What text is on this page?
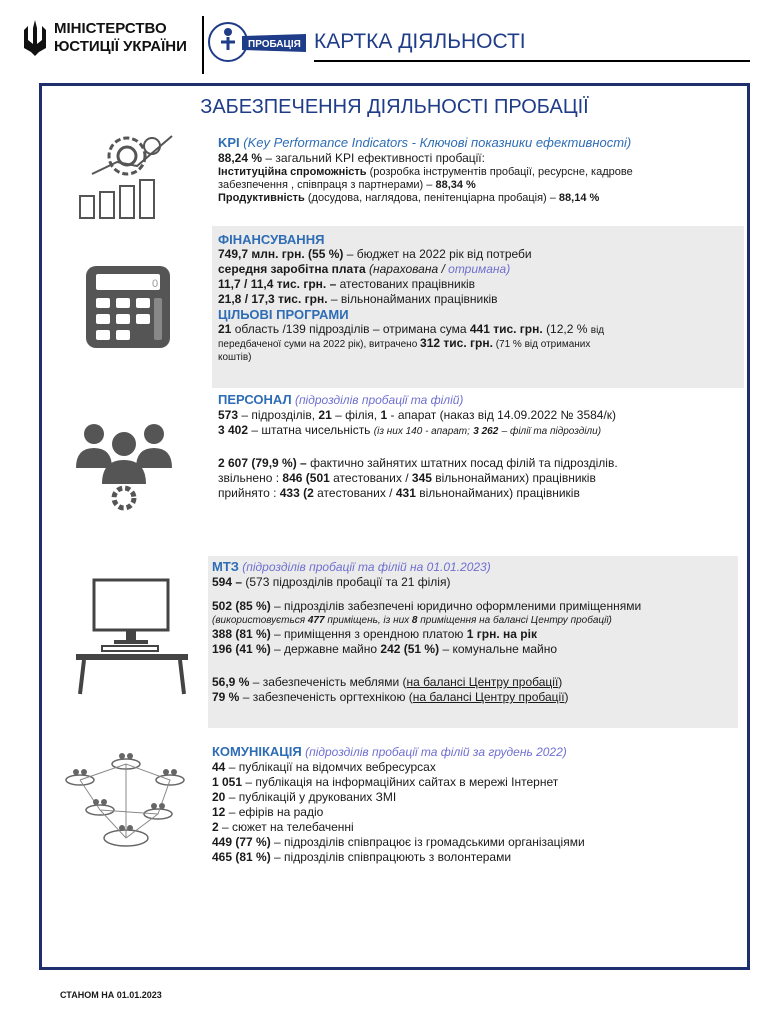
МІНІСТЕРСТВО
ЮСТИЦІЇ УКРАЇНИ	ПРОБАЦІЯ КАРТКА ДІЯЛЬНОСТІ
ЗАБЕЗПЕЧЕННЯ ДІЯЛЬНОСТІ ПРОБАЦІЇ
KPI (Key Performance Indicators - Ключові показники ефективності)
88,24 % – загальний KPI ефективності пробації:
Інституційна спроможність (розробка інструментів пробації, ресурсне, кадрове
забезпечення , співпраця з партнерами) – 88,34 %
Продуктивність (досудова, наглядова, пенітенціарна пробація) – 88,14 %
ФІНАНСУВАННЯ
749,7 млн. грн. (55 %) – бюджет на 2022 рік від потреби
середня заробітна плата (нарахована / отримана)
11,7 / 11,4 тис. грн. – атестованих працівників
21,8 / 17,3 тис. грн. – вільнонайманих працівників
ЦІЛЬОВІ ПРОГРАМИ
21 область /139 підрозділів – отримана сума 441 тис. грн. (12,2 % від
передбаченої суми на 2022 рік), витрачено 312 тис. грн. (71 % від отриманих
коштів)
0
ПЕРСОНАЛ (підрозділів пробації та філій)
573 – підрозділів, 21 – філія, 1 - апарат (наказ від 14.09.2022 № 3584/к)
3 402 – штатна чисельність (із них 140 - апарат; 3 262 – філії та підрозділи)
2 607 (79,9 %) – фактично зайнятих штатних посад філій та підрозділів.
звільнено : 846 (501 атестованих / 345 вільнонайманих) працівників
прийнято : 433 (2 атестованих / 431 вільнонайманих) працівників
МТЗ (підрозділів пробації та філій на 01.01.2023)
594 – (573 підрозділів пробації та 21 філія)
502 (85 %) – підрозділів забезпечені юридично оформленими приміщеннями
(використовується 477 приміщень, із них 8 приміщення на балансі Центру пробації)
388 (81 %) – приміщення з орендною платою 1 грн. на рік
196 (41 %) – державне майно 242 (51 %) – комунальне майно
56,9 % – забезпеченість меблями (на балансі Центру пробації)
79 % – забезпеченість оргтехнікою (на балансі Центру пробації)
КОМУНІКАЦІЯ (підрозділів пробації та філій за грудень 2022)
44 – публікації на відомчих вебресурсах
1 051 – публікація на інформаційних сайтах в мережі Інтернет
20 – публікацій у друкованих ЗМІ
12 – ефірів на радіо
2 – сюжет на телебаченні
449 (77 %) – підрозділів співпрацює із громадськими організаціями
465 (81 %) – підрозділів співпрацюють з волонтерами
СТАНОМ НА 01.01.2023
